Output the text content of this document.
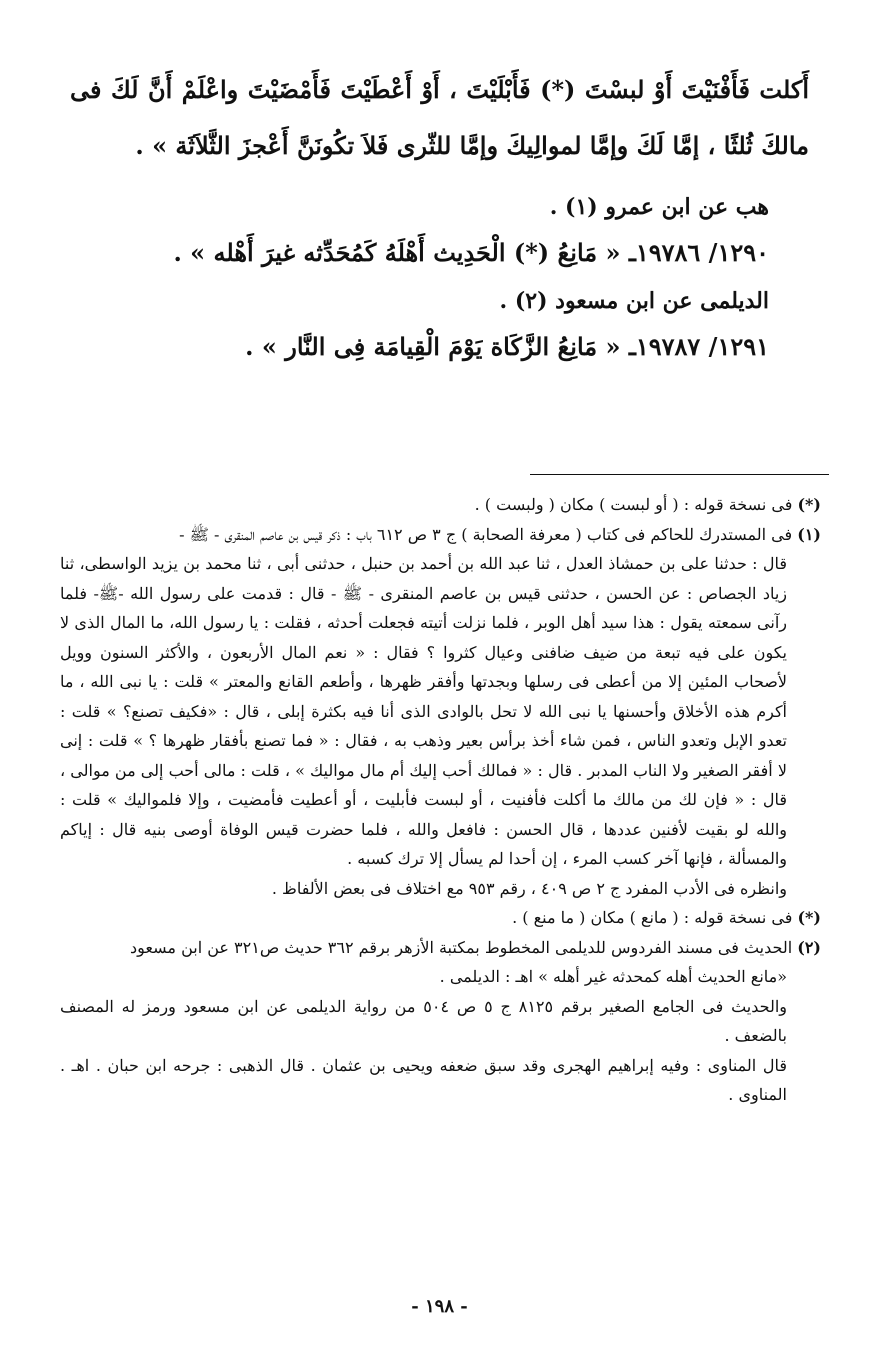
أَكلت فَأَفْنَيْتَ أَوْ لبسْتَ (*) فَأَبْلَيْتَ ، أَوْ أَعْطَيْتَ فَأَمْضَيْتَ واعْلَمْ أَنَّ لَكَ فى مالكَ ثُلثًا ، إمَّا لَكَ وإمَّا لموالِيكَ وإمَّا للثّرى فَلاَ تكُونَنَّ أَعْجزَ الثَّلاَثَة » .

هب عن ابن عمرو (١) .

١٢٩٠/ ١٩٧٨٦ـ « مَانِعُ (*) الْحَدِيث أَهْلَهُ كَمُحَدِّثه غيرَ أَهْله » .

الديلمى عن ابن مسعود (٢) .

١٢٩١/ ١٩٧٨٧ـ « مَانِعُ الزَّكَاة يَوْمَ الْقِيامَة فِى النَّار » .

(*) فى نسخة قوله : ( أو لبست ) مكان ( ولبست ) .

(١) فى المستدرك للحاكم فى كتاب ( معرفة الصحابة ) ج ٣ ص ٦١٢ باب : ذكر قيس بن عاصم المنقرى - ﷺ -
قال : حدثنا على بن حمشاذ العدل ، ثنا عبد الله بن أحمد بن حنبل ، حدثنى أبى ، ثنا محمد بن يزيد الواسطى، ثنا زياد الجصاص : عن الحسن ، حدثنى قيس بن عاصم المنقرى - ﷺ - قال : قدمت على رسول الله -ﷺ- فلما رآنى سمعته يقول : هذا سيد أهل الوبر ، فلما نزلت أتيته فجعلت أحدثه ، فقلت : يا رسول الله، ما المال الذى لا يكون على فيه تبعة من ضيف ضافنى وعيال كثروا ؟ فقال : « نعم المال الأربعون ، والأكثر السنون وويل لأصحاب المئين إلا من أعطى فى رسلها وبجدتها وأفقر ظهرها ، وأطعم القانع والمعتر » قلت : يا نبى الله ، ما أكرم هذه الأخلاق وأحسنها يا نبى الله لا تحل بالوادى الذى أنا فيه بكثرة إبلى ، قال : «فكيف تصنع؟ » قلت : تعدو الإبل وتعدو الناس ، فمن شاء أخذ برأس بعير وذهب به ، فقال : « فما تصنع بأفقار ظهرها ؟ » قلت : إنى لا أفقر الصغير ولا الناب المدبر . قال : « فمالك أحب إليك أم مال مواليك » ، قلت : مالى أحب إلى من موالى ، قال : « فإن لك من مالك ما أكلت فأفنيت ، أو لبست فأبليت ، أو أعطيت فأمضيت ، وإلا فلمواليك » قلت : والله لو بقيت لأفنين عددها ، قال الحسن : فافعل والله ، فلما حضرت قيس الوفاة أوصى بنيه قال : إياكم والمسألة ، فإنها آخر كسب المرء ، إن أحدا لم يسأل إلا ترك كسبه .
وانظره فى الأدب المفرد ج ٢ ص ٤٠٩ ، رقم ٩٥٣ مع اختلاف فى بعض الألفاظ .

(*) فى نسخة قوله : ( مانع ) مكان ( ما منع ) .

(٢) الحديث فى مسند الفردوس للديلمى المخطوط بمكتبة الأزهر برقم ٣٦٢ حديث ص٣٢١ عن ابن مسعود
«مانع الحديث أهله كمحدثه غير أهله » اهـ : الديلمى .
والحديث فى الجامع الصغير برقم ٨١٢٥ ج ٥ ص ٥٠٤ من رواية الديلمى عن ابن مسعود ورمز له المصنف بالضعف .
قال المناوى : وفيه إبراهيم الهجرى وقد سبق ضعفه ويحيى بن عثمان . قال الذهبى : جرحه ابن حبان . اهـ . المناوى .

- ١٩٨ -
